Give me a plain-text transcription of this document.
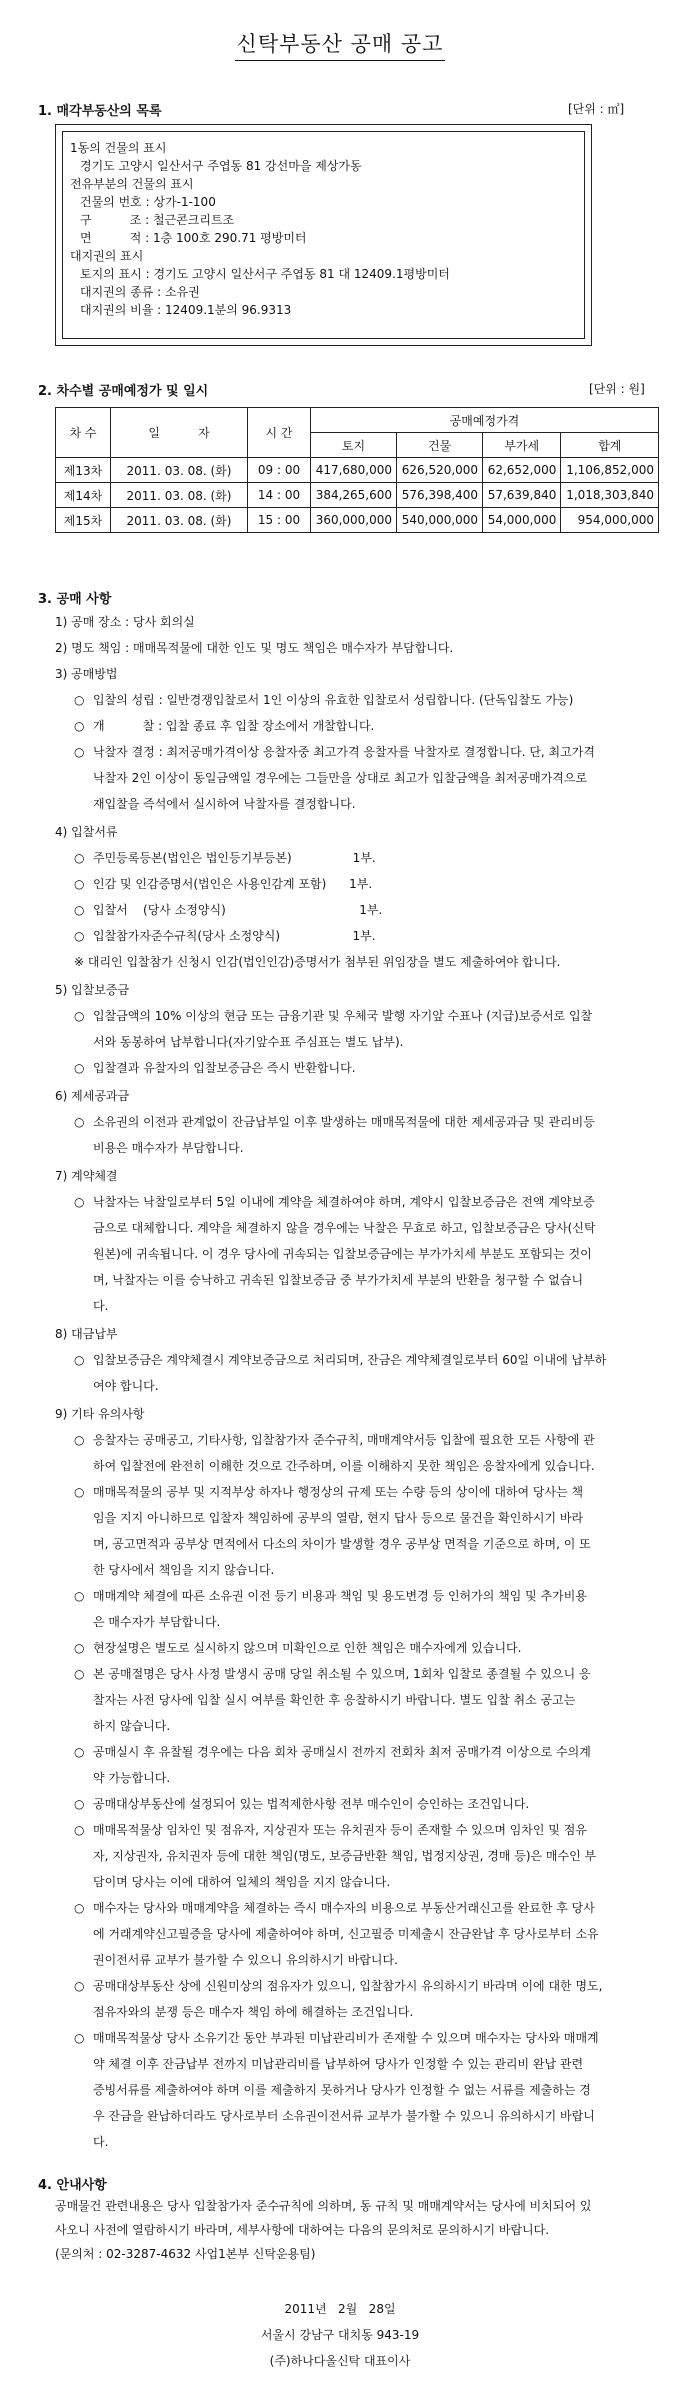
신탁부동산 공매 공고
1. 매각부동산의 목록	[단위 : ㎡]
1동의 건물의 표시
경기도 고양시 일산서구 주엽동 81 강선마을 제상가동
전유부분의 건물의 표시
건물의 번호 : 상가-1-100
구          조 : 철근콘크리트조
면          적 : 1층 100호 290.71 평방미터
대지권의 표시
토지의 표시 : 경기도 고양시 일산서구 주엽동 81 대 12409.1평방미터
대지권의 종류 : 소유권
대지권의 비율 : 12409.1분의 96.9313
2. 차수별 공매예정가 및 일시	[단위 : 원]
차 수	일          자	시 간	공매예정가격			
			토지	건물	부가세	합계
제13차	2011. 03. 08. (화)	09 : 00	417,680,000	626,520,000	62,652,000	1,106,852,000
제14차	2011. 03. 08. (화)	14 : 00	384,265,600	576,398,400	57,639,840	1,018,303,840
제15차	2011. 03. 08. (화)	15 : 00	360,000,000	540,000,000	54,000,000	954,000,000
3. 공매 사항
1) 공매 장소 : 당사 회의실
2) 명도 책임 : 매매목적물에 대한 인도 및 명도 책임은 매수자가 부담합니다.
3) 공매방법
○
입찰의 성립 : 일반경쟁입찰로서 1인 이상의 유효한 입찰로서 성립합니다. (단독입찰도 가능)
○
개          찰 : 입찰 종료 후 입찰 장소에서 개찰합니다.
○
낙찰자 결정 : 최저공매가격이상 응찰자중 최고가격 응찰자를 낙찰자로 결정합니다. 단, 최고가격
낙찰자 2인 이상이 동일금액일 경우에는 그들만을 상대로 최고가 입찰금액을 최저공매가격으로
재입찰을 즉석에서 실시하여 낙찰자를 결정합니다.
4) 입찰서류
○
주민등록등본(법인은 법인등기부등본)                1부.
○
인감 및 인감증명서(법인은 사용인감계 포함)      1부.
○
입찰서    (당사 소정양식)                                   1부.
○
입찰참가자준수규칙(당사 소정양식)                   1부.
※ 대리인 입찰참가 신청시 인감(법인인감)증명서가 첨부된 위임장을 별도 제출하여야 합니다.
5) 입찰보증금
○
입찰금액의 10% 이상의 현금 또는 금융기관 및 우체국 발행 자기앞 수표나 (지급)보증서로 입찰
서와 동봉하여 납부합니다(자기앞수표 주심표는 별도 납부).
○
입찰결과 유찰자의 입찰보증금은 즉시 반환합니다.
6) 제세공과금
○
소유권의 이전과 관계없이 잔금납부일 이후 발생하는 매매목적물에 대한 제세공과금 및 관리비등
비용은 매수자가 부담합니다.
7) 계약체결
○
낙찰자는 낙찰일로부터 5일 이내에 계약을 체결하여야 하며, 계약시 입찰보증금은 전액 계약보증
금으로 대체합니다. 계약을 체결하지 않을 경우에는 낙찰은 무효로 하고, 입찰보증금은 당사(신탁
원본)에 귀속됩니다. 이 경우 당사에 귀속되는 입찰보증금에는 부가가치세 부분도 포함되는 것이
며, 낙찰자는 이를 승낙하고 귀속된 입찰보증금 중 부가가치세 부분의 반환을 청구할 수 없습니
다.
8) 대금납부
○
입찰보증금은 계약체결시 계약보증금으로 처리되며, 잔금은 계약체결일로부터 60일 이내에 납부하
여야 합니다.
9) 기타 유의사항
○
응찰자는 공매공고, 기타사항, 입찰참가자 준수규칙, 매매계약서등 입찰에 필요한 모든 사항에 관
하여 입찰전에 완전히 이해한 것으로 간주하며, 이를 이해하지 못한 책임은 응찰자에게 있습니다.
○
매매목적물의 공부 및 지적부상 하자나 행정상의 규제 또는 수량 등의 상이에 대하여 당사는 책
임을 지지 아니하므로 입찰자 책임하에 공부의 열람, 현지 답사 등으로 물건을 확인하시기 바라
며, 공고면적과 공부상 면적에서 다소의 차이가 발생할 경우 공부상 면적을 기준으로 하며, 이 또
한 당사에서 책임을 지지 않습니다.
○
매매계약 체결에 따른 소유권 이전 등기 비용과 책임 및 용도변경 등 인허가의 책임 및 추가비용
은 매수자가 부담합니다.
○
현장설명은 별도로 실시하지 않으며 미확인으로 인한 책임은 매수자에게 있습니다.
○
본 공매절명은 당사 사정 발생시 공매 당일 취소될 수 있으며, 1회차 입찰로 종결될 수 있으니 응
찰자는 사전 당사에 입찰 실시 여부를 확인한 후 응찰하시기 바랍니다. 별도 입찰 취소 공고는
하지 않습니다.
○
공매실시 후 유찰될 경우에는 다음 회차 공매실시 전까지 전회차 최저 공매가격 이상으로 수의계
약 가능합니다.
○
공매대상부동산에 설정되어 있는 법적제한사항 전부 매수인이 승인하는 조건입니다.
○
매매목적물상 임차인 및 점유자, 지상권자 또는 유치권자 등이 존재할 수 있으며 임차인 및 점유
자, 지상권자, 유치권자 등에 대한 책임(명도, 보증금반환 책임, 법정지상권, 경매 등)은 매수인 부
담이며 당사는 이에 대하여 일체의 책임을 지지 않습니다.
○
매수자는 당사와 매매계약을 체결하는 즉시 매수자의 비용으로 부동산거래신고를 완료한 후 당사
에 거래계약신고필증을 당사에 제출하여야 하며, 신고필증 미제출시 잔금완납 후 당사로부터 소유
권이전서류 교부가 불가할 수 있으니 유의하시기 바랍니다.
○
공매대상부동산 상에 신원미상의 점유자가 있으니, 입찰참가시 유의하시기 바라며 이에 대한 명도,
점유자와의 분쟁 등은 매수자 책임 하에 해결하는 조건입니다.
○
매매목적물상 당사 소유기간 동안 부과된 미납관리비가 존재할 수 있으며 매수자는 당사와 매매계
약 체결 이후 잔금납부 전까지 미납관리비를 납부하여 당사가 인정할 수 있는 관리비 완납 관련
증빙서류를 제출하여야 하며 이를 제출하지 못하거나 당사가 인정할 수 없는 서류를 제출하는 경
우 잔금을 완납하더라도 당사로부터 소유권이전서류 교부가 불가할 수 있으니 유의하시기 바랍니
다.
4. 안내사항
공매물건 관련내용은 당사 입찰참가자 준수규칙에 의하며, 동 규칙 및 매매계약서는 당사에 비치되어 있
사오니 사전에 열람하시기 바라며, 세부사항에 대하여는 다음의 문의처로 문의하시기 바랍니다.
(문의처 : 02-3287-4632 사업1본부 신탁운용팀)
2011년   2월   28일
서울시 강남구 대치동 943-19
(주)하나다올신탁 대표이사
